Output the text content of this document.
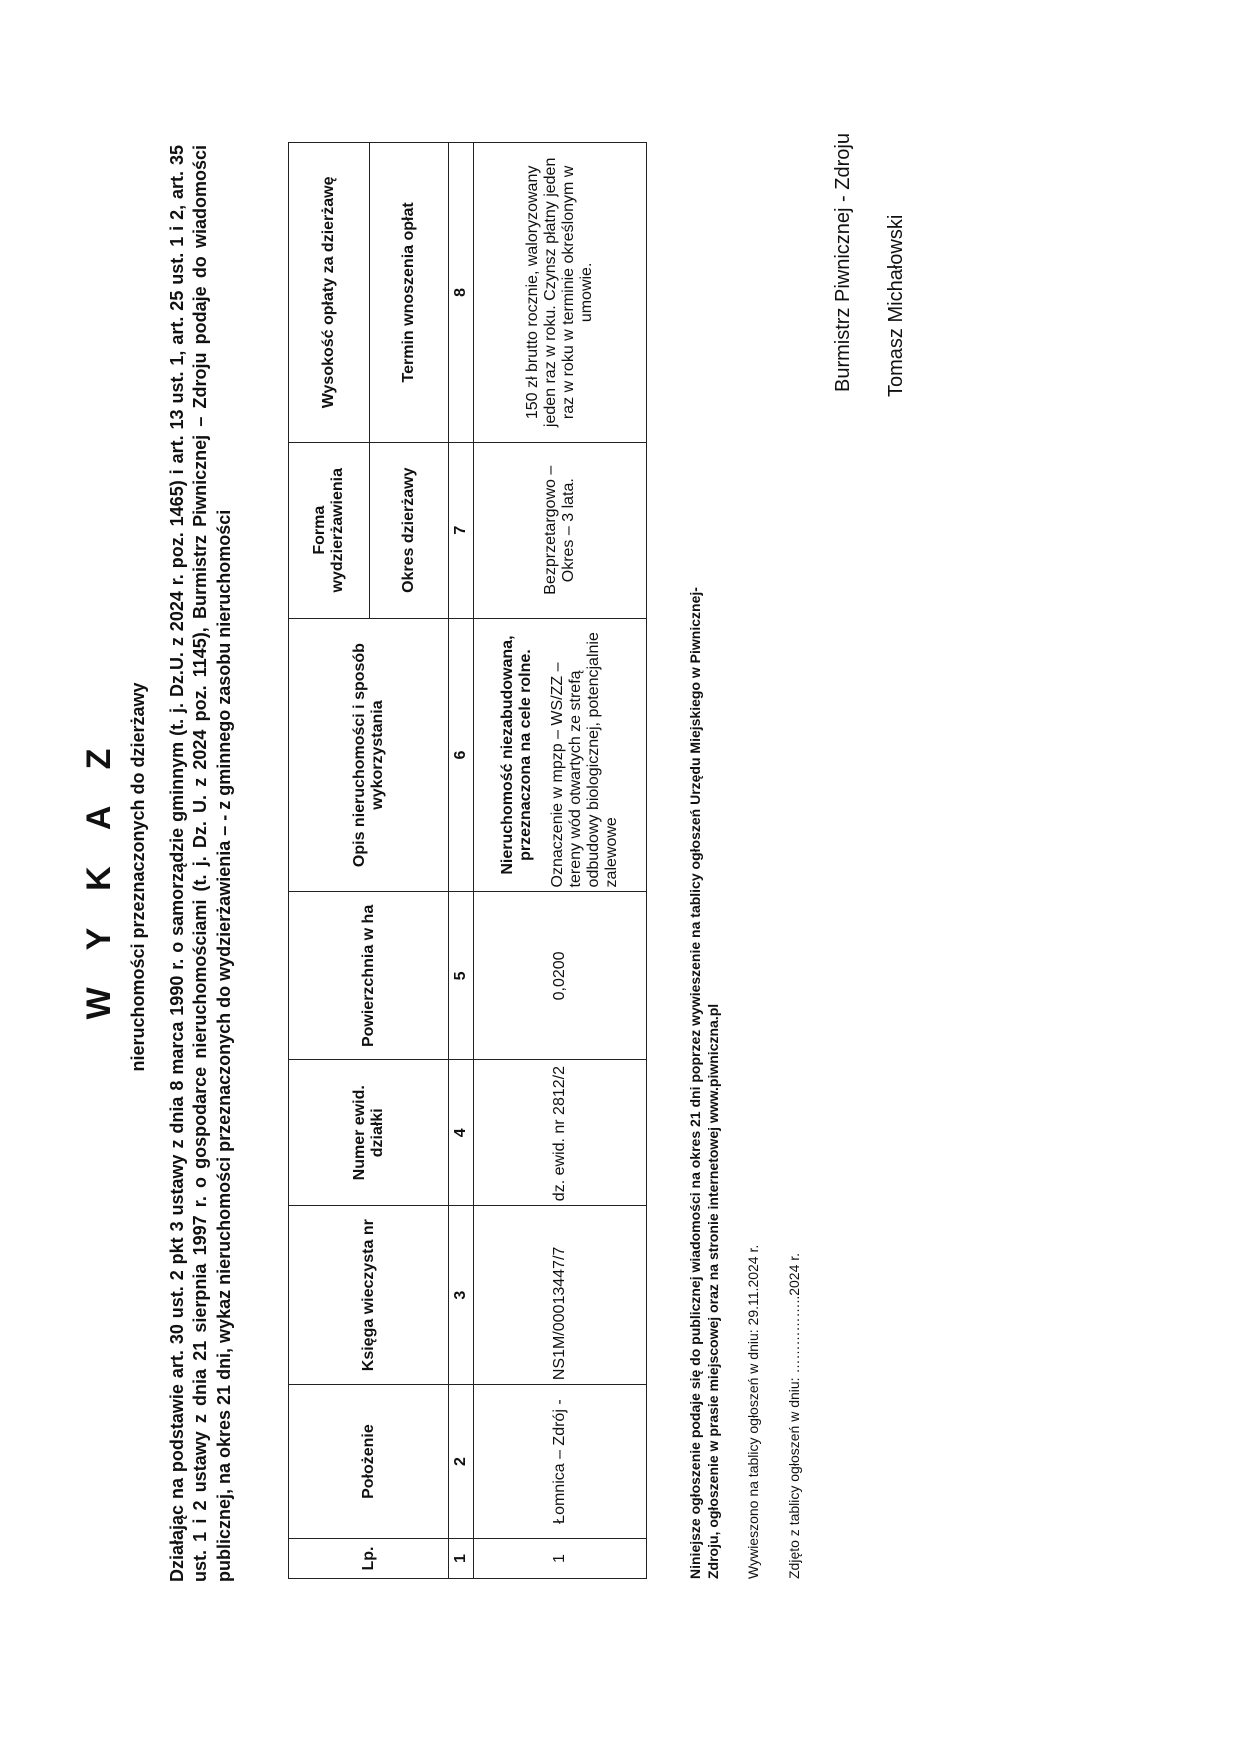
W Y K A Z nieruchomości przeznaczonych do dzierżawy Działając na podstawie art. 30 ust. 2 pkt 3 ustawy z dnia 8 marca 1990 r. o samorządzie gminnym (t. j. Dz.U. z 2024 r. poz. 1465) i art. 13 ust. 1, art. 25 ust. 1 i 2, art. 35 ust. 1 i 2 ustawy z dnia 21 sierpnia 1997 r. o gospodarce nieruchomościami (t. j. Dz. U. z 2024 poz. 1145), Burmistrz Piwnicznej – Zdroju podaje do wiadomości publicznej, na okres 21 dni, wykaz nieruchomości przeznaczonych do wydzierżawienia – - z gminnego zasobu nieruchomości	Lp.	Położenie	Księga wieczysta nr	Numer ewid. działki	Powierzchnia w ha	Opis nieruchomości i sposób wykorzystania	Forma wydzierżawienia	Wysokość opłaty za dzierżawę
						Okres dzierżawy	Termin wnoszenia opłat
1	2	3	4	5	6	7	8
1	Łomnica – Zdrój -	NS1M/00013447/7	dz. ewid. nr 2812/2	0,0200	Nieruchomość niezabudowana, przeznaczona na cele rolne. Oznaczenie w mpzp – WS/ZZ – tereny wód otwartych ze strefą odbudowy biologicznej, potencjalnie zalewowe	Bezprzetargowo – Okres – 3 lata.	150 zł brutto rocznie, waloryzowany jeden raz w roku. Czynsz płatny jeden raz w roku w terminie określonym w umowie.
Niniejsze ogłoszenie podaje się do publicznej wiadomości na okres 21 dni poprzez wywieszenie na tablicy ogłoszeń Urzędu Miejskiego w Piwnicznej-Zdroju, ogłoszenie w prasie miejscowej oraz na stronie internetowej www.piwniczna.pl Wywieszono na tablicy ogłoszeń w dniu: 29.11.2024 r. Zdjęto z tablicy ogłoszeń w dniu: ……………..2024 r.
Burmistrz Piwnicznej - Zdroju Tomasz Michałowski
